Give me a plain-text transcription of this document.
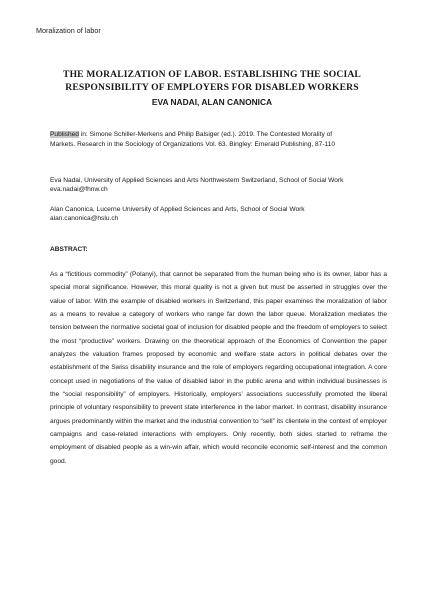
Moralization of labor
THE MORALIZATION OF LABOR. ESTABLISHING THE SOCIAL
RESPONSIBILITY OF EMPLOYERS FOR DISABLED WORKERS
EVA NADAI, ALAN CANONICA
Published in: Simone Schiller-Merkens and Philip Balsiger (ed.). 2019. The Contested Morality of
Markets. Research in the Sociology of Organizations Vol. 63. Bingley: Emerald Publishing, 87-110
Eva Nadai, University of Applied Sciences and Arts Northwestern Switzerland, School of Social Work
eva.nadai@fhnw.ch
Alan Canonica, Lucerne University of Applied Sciences and Arts, School of Social Work
alan.canonica@hslu.ch
ABSTRACT:

As a “fictitious commodity” (Polanyi), that cannot be separated from the human being who is its owner, labor has a special moral significance. However, this moral quality is not a given but must be asserted in struggles over the value of labor. With the example of disabled workers in Switzerland, this paper examines the moralization of labor as a means to revalue a category of workers who range far down the labor queue. Moralization mediates the tension between the normative societal goal of inclusion for disabled people and the freedom of employers to select the most “productive” workers. Drawing on the theoretical approach of the Economics of Convention the paper analyzes the valuation frames proposed by economic and welfare state actors in political debates over the establishment of the Swiss disability insurance and the role of employers regarding occupational integration. A core concept used in negotiations of the value of disabled labor in the public arena and within individual businesses is the “social responsibility” of employers. Historically, employers’ associations successfully promoted the liberal principle of voluntary responsibility to prevent state interference in the labor market. In contrast, disability insurance argues predominantly within the market and the industrial convention to “sell” its clientele in the context of employer campaigns and case-related interactions with employers. Only recently, both sides started to reframe the employment of disabled people as a win-win affair, which would reconcile economic self-interest and the common good.
